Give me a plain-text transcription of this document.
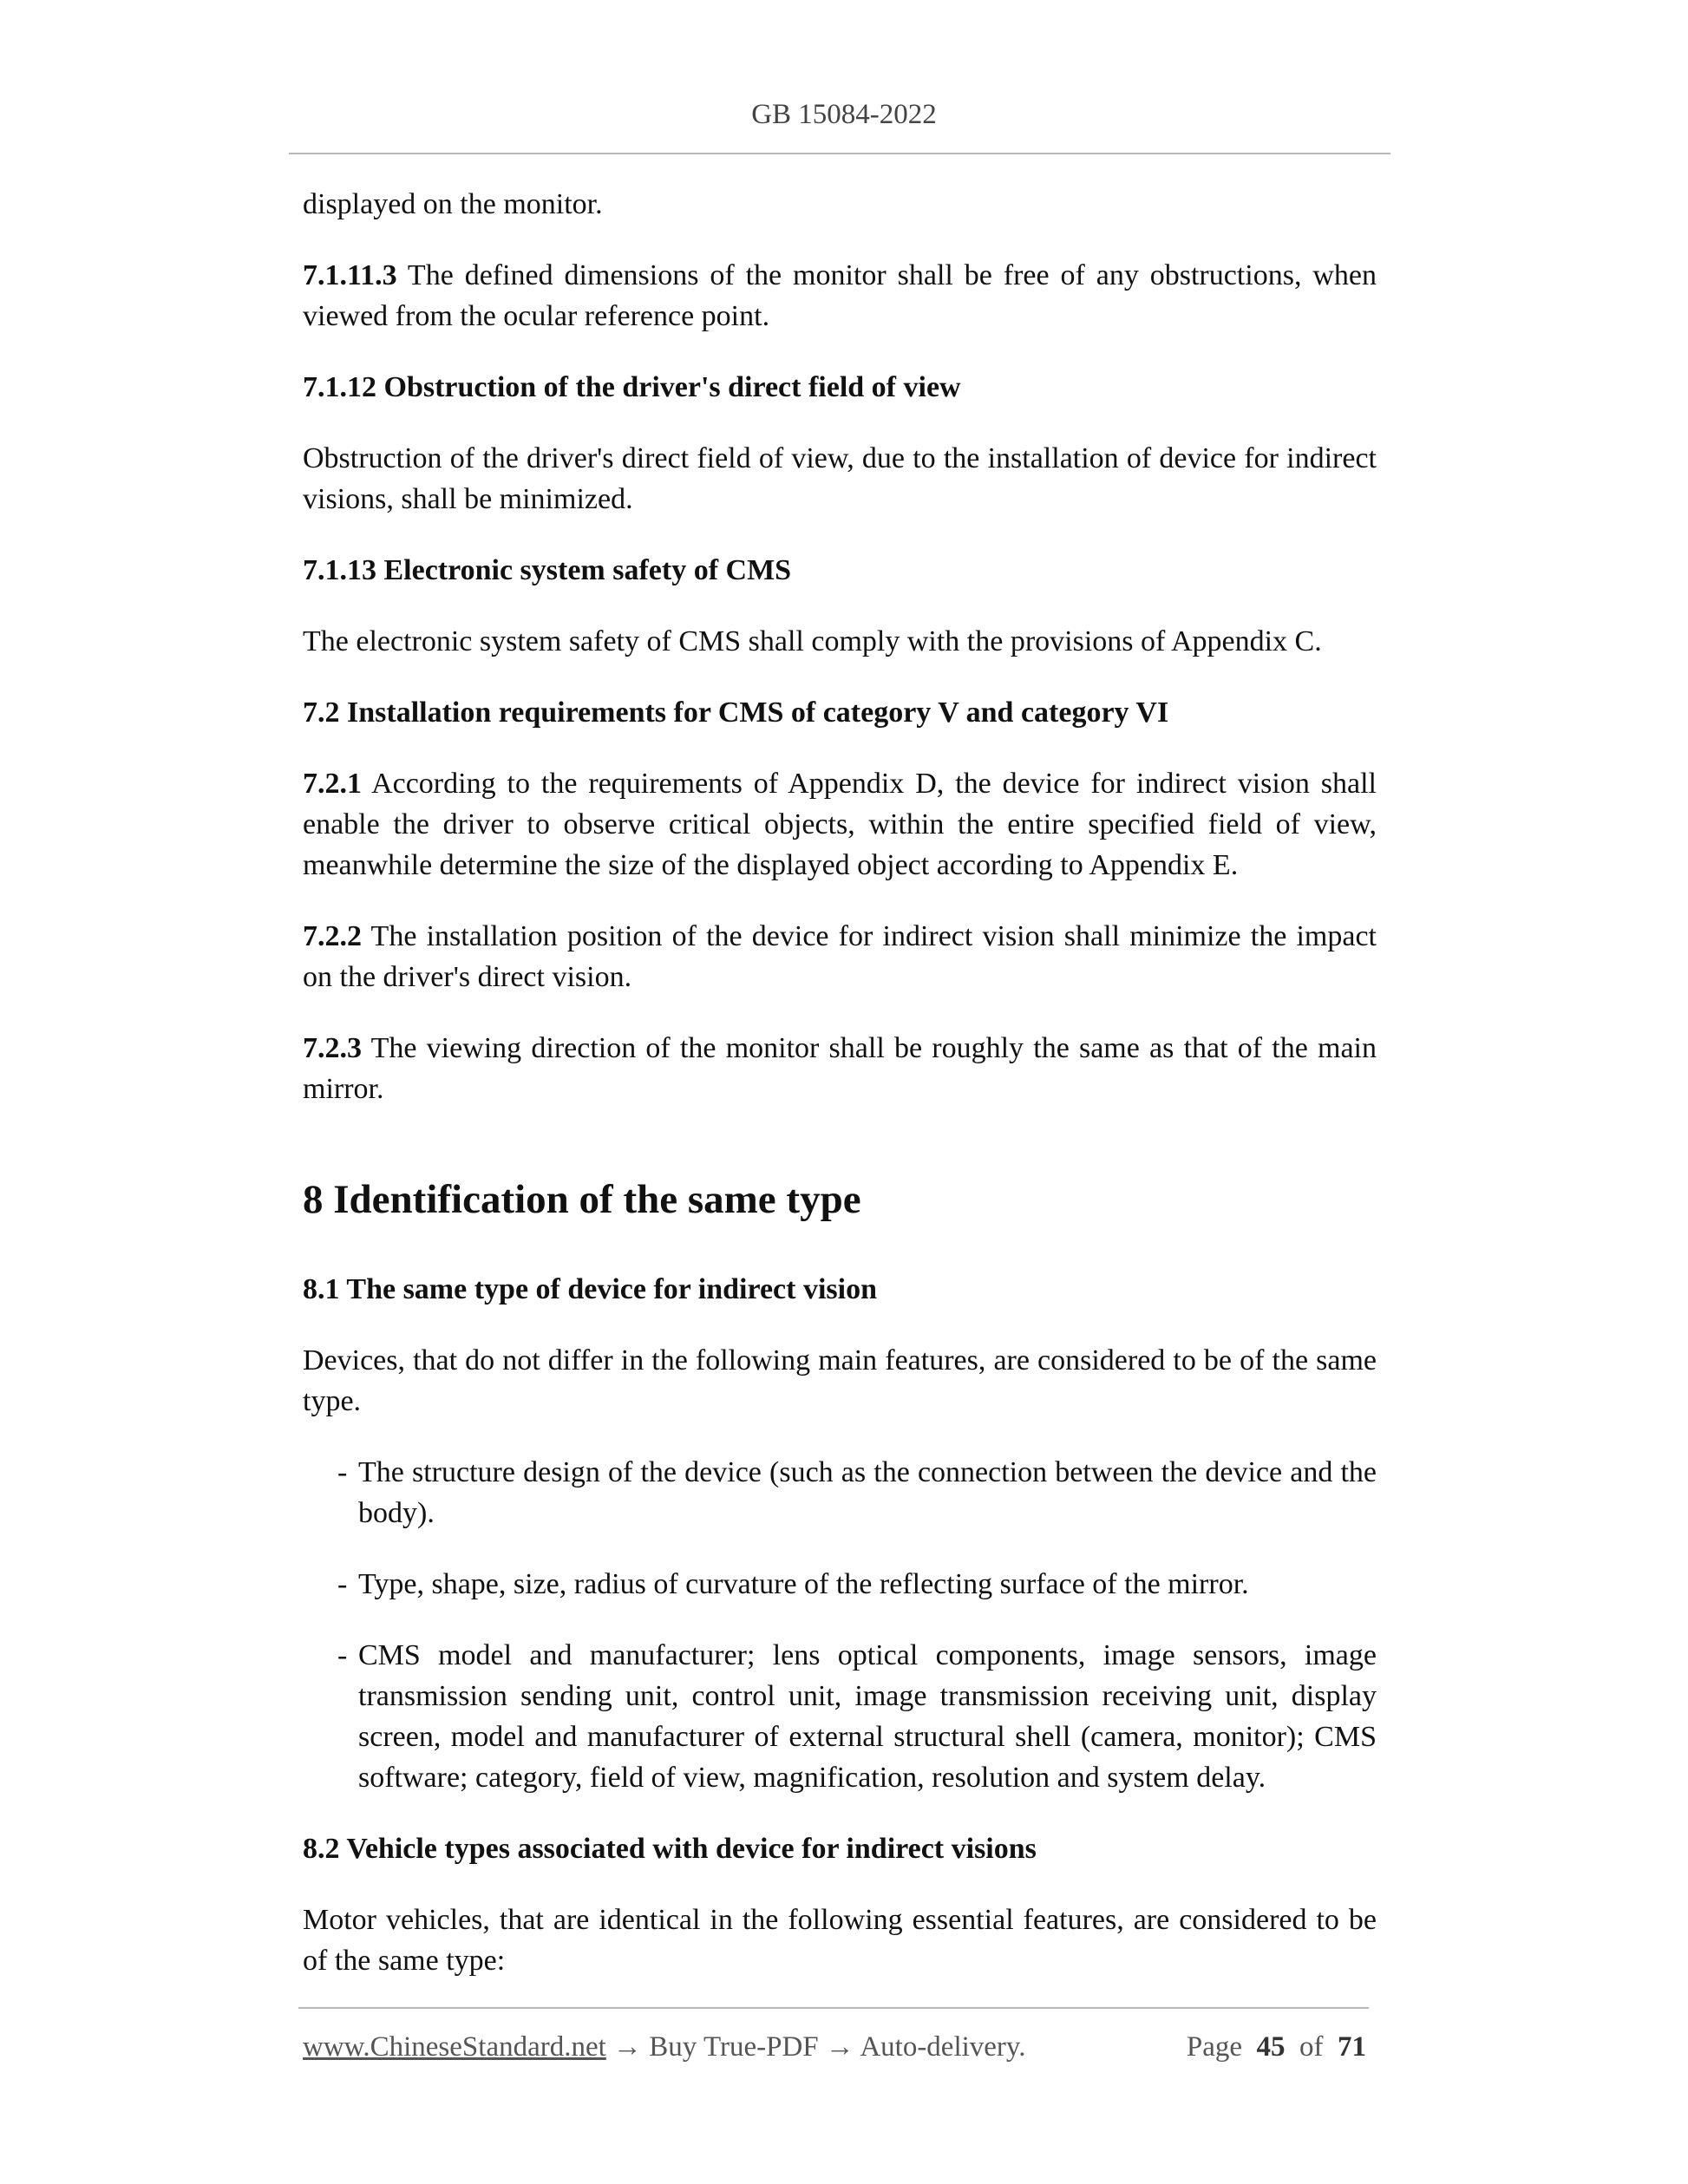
GB 15084-2022

displayed on the monitor.

7.1.11.3 The defined dimensions of the monitor shall be free of any obstructions, when viewed from the ocular reference point.

7.1.12 Obstruction of the driver's direct field of view

Obstruction of the driver's direct field of view, due to the installation of device for indirect visions, shall be minimized.

7.1.13 Electronic system safety of CMS

The electronic system safety of CMS shall comply with the provisions of Appendix C.

7.2 Installation requirements for CMS of category V and category VI

7.2.1 According to the requirements of Appendix D, the device for indirect vision shall enable the driver to observe critical objects, within the entire specified field of view, meanwhile determine the size of the displayed object according to Appendix E.

7.2.2 The installation position of the device for indirect vision shall minimize the impact on the driver's direct vision.

7.2.3 The viewing direction of the monitor shall be roughly the same as that of the main mirror.

8 Identification of the same type

8.1 The same type of device for indirect vision

Devices, that do not differ in the following main features, are considered to be of the same type.

- The structure design of the device (such as the connection between the device and the body).
- Type, shape, size, radius of curvature of the reflecting surface of the mirror.
- CMS model and manufacturer; lens optical components, image sensors, image transmission sending unit, control unit, image transmission receiving unit, display screen, model and manufacturer of external structural shell (camera, monitor); CMS software; category, field of view, magnification, resolution and system delay.

8.2 Vehicle types associated with device for indirect visions

Motor vehicles, that are identical in the following essential features, are considered to be of the same type:

www.ChineseStandard.net → Buy True-PDF → Auto-delivery.	Page 45 of 71
